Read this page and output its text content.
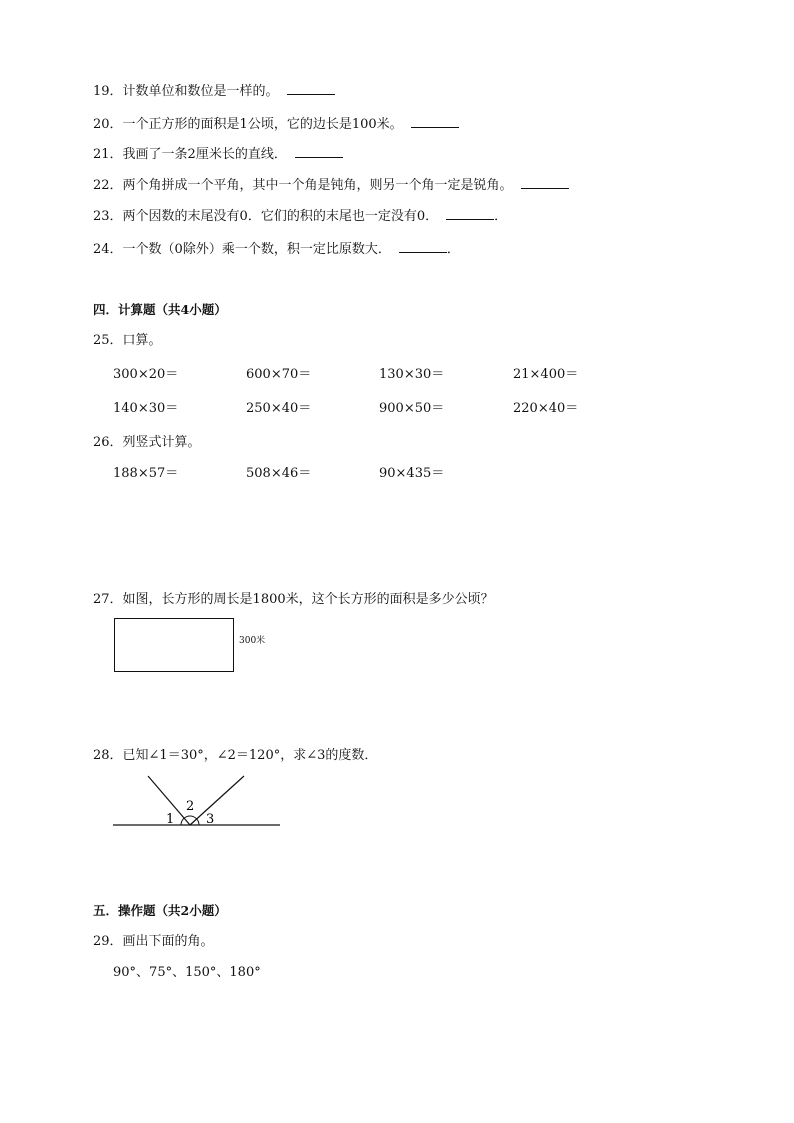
19．计数单位和数位是一样的。
20．一个正方形的面积是1公顷，它的边长是100米。
21．我画了一条2厘米长的直线．
22．两个角拼成一个平角，其中一个角是钝角，则另一个角一定是锐角。
23．两个因数的末尾没有0．它们的积的末尾也一定没有0．	．
24．一个数（0除外）乘一个数，积一定比原数大．	．
四．计算题（共4小题）
25．口算。
300×20＝	600×70＝	130×30＝	21×400＝
140×30＝	250×40＝	900×50＝	220×40＝
26．列竖式计算。
188×57＝	508×46＝	90×435＝
27．如图，长方形的周长是1800米，这个长方形的面积是多少公顷？
300米
28．已知∠1＝30°，∠2＝120°，求∠3的度数．
1
2
3
五．操作题（共2小题）
29．画出下面的角。
90°、75°、150°、180°
